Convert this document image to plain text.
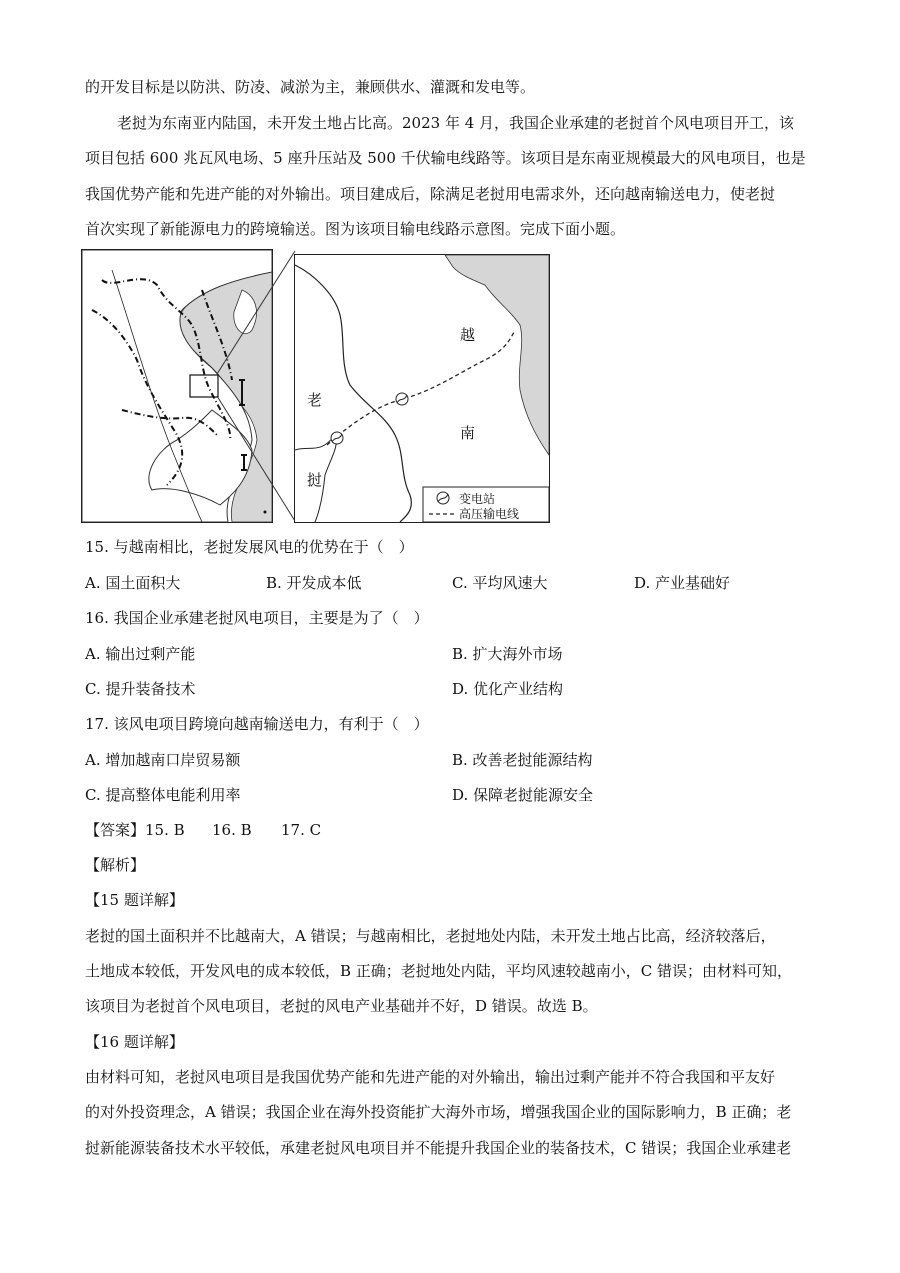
的开发目标是以防洪、防凌、减淤为主，兼顾供水、灌溉和发电等。
老挝为东南亚内陆国，未开发土地占比高。2023 年 4 月，我国企业承建的老挝首个风电项目开工，该
项目包括 600 兆瓦风电场、5 座升压站及 500 千伏输电线路等。该项目是东南亚规模最大的风电项目，也是
我国优势产能和先进产能的对外输出。项目建成后，除满足老挝用电需求外，还向越南输送电力，使老挝
首次实现了新能源电力的跨境输送。图为该项目输电线路示意图。完成下面小题。
越
南
老
挝
变电站
高压输电线
15. 与越南相比，老挝发展风电的优势在于（　）
A. 国土面积大	B. 开发成本低	C. 平均风速大	D. 产业基础好
16. 我国企业承建老挝风电项目，主要是为了（　）
A. 输出过剩产能	B. 扩大海外市场
C. 提升装备技术	D. 优化产业结构
17. 该风电项目跨境向越南输送电力，有利于（　）
A. 增加越南口岸贸易额	B. 改善老挝能源结构
C. 提高整体电能利用率	D. 保障老挝能源安全
【答案】 15. B 16. B 17. C
【解析】
【15 题详解】
老挝的国土面积并不比越南大，A 错误；与越南相比，老挝地处内陆，未开发土地占比高，经济较落后，
土地成本较低，开发风电的成本较低，B 正确；老挝地处内陆，平均风速较越南小，C 错误；由材料可知，
该项目为老挝首个风电项目，老挝的风电产业基础并不好，D 错误。故选 B。
【16 题详解】
由材料可知，老挝风电项目是我国优势产能和先进产能的对外输出，输出过剩产能并不符合我国和平友好
的对外投资理念，A 错误；我国企业在海外投资能扩大海外市场，增强我国企业的国际影响力，B 正确；老
挝新能源装备技术水平较低，承建老挝风电项目并不能提升我国企业的装备技术，C 错误；我国企业承建老
